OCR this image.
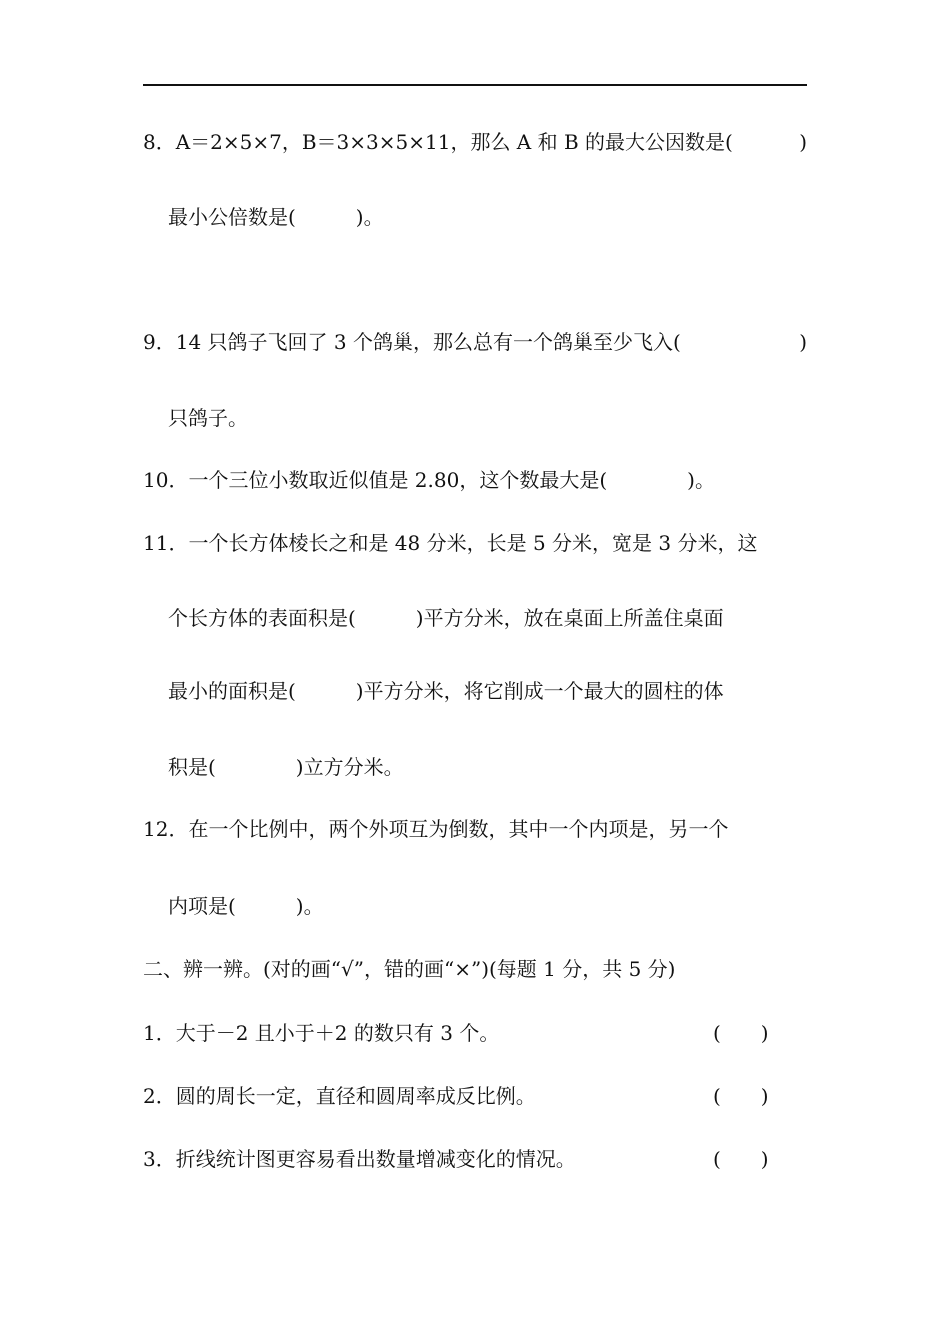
8．A＝2×5×7，B＝3×3×5×11，那么 A 和 B 的最大公因数是(	)
最小公倍数是(　　　)。
9．14 只鸽子飞回了 3 个鸽巢，那么总有一个鸽巢至少飞入(	)
只鸽子。
10．一个三位小数取近似值是 2.80，这个数最大是(　　　　)。
11．一个长方体棱长之和是 48 分米，长是 5 分米，宽是 3 分米，这
个长方体的表面积是(　　　)平方分米，放在桌面上所盖住桌面
最小的面积是(　　　)平方分米，将它削成一个最大的圆柱的体
积是(　　　　)立方分米。
12．在一个比例中，两个外项互为倒数，其中一个内项是，另一个
内项是(　　　)。
二、辨一辨。(对的画“√”，错的画“×”)(每题 1 分，共 5 分)
1．大于－2 且小于＋2 的数只有 3 个。	(　　)
2．圆的周长一定，直径和圆周率成反比例。	(　　)
3．折线统计图更容易看出数量增减变化的情况。	(　　)
